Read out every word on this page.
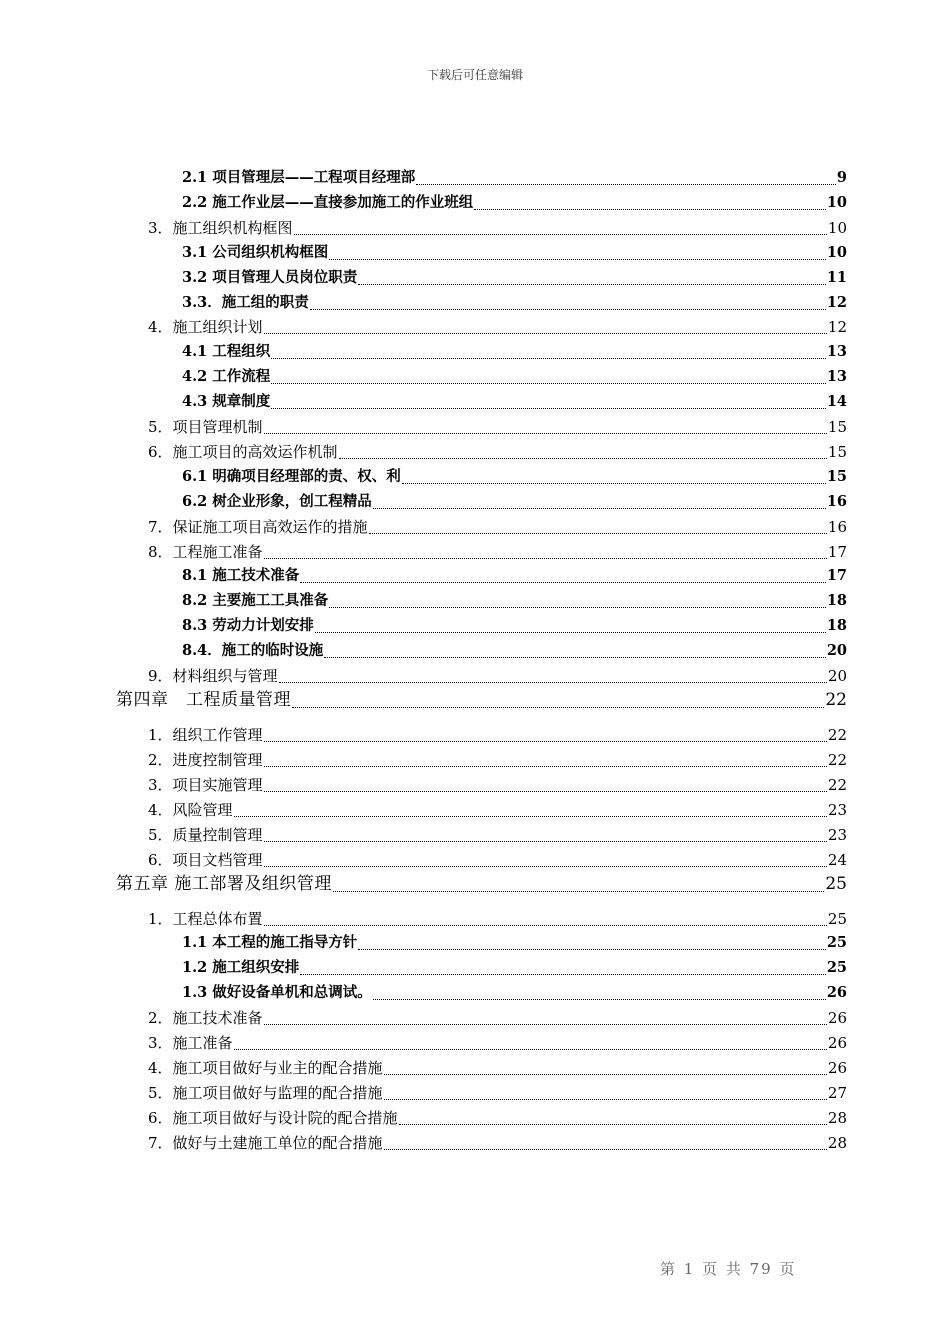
下载后可任意编辑
2.1 项目管理层——工程项目经理部	9
2.2 施工作业层——直接参加施工的作业班组	10
3．施工组织机构框图	10
3.1 公司组织机构框图	10
3.2 项目管理人员岗位职责	11
3.3．施工组的职责	12
4．施工组织计划	12
4.1 工程组织	13
4.2 工作流程	13
4.3 规章制度	14
5．项目管理机制	15
6．施工项目的高效运作机制	15
6.1 明确项目经理部的责、权、利	15
6.2 树企业形象，创工程精品	16
7．保证施工项目高效运作的措施	16
8．工程施工准备	17
8.1 施工技术准备	17
8.2 主要施工工具准备	18
8.3 劳动力计划安排	18
8.4．施工的临时设施	20
9．材料组织与管理	20
第四章　工程质量管理	22
1．组织工作管理	22
2．进度控制管理	22
3．项目实施管理	22
4．风险管理	23
5．质量控制管理	23
6．项目文档管理	24
第五章 施工部署及组织管理	25
1．工程总体布置	25
1.1 本工程的施工指导方针	25
1.2 施工组织安排	25
1.3 做好设备单机和总调试。	26
2．施工技术准备	26
3．施工准备	26
4．施工项目做好与业主的配合措施	26
5．施工项目做好与监理的配合措施	27
6．施工项目做好与设计院的配合措施	28
7．做好与土建施工单位的配合措施	28
第 1 页 共 79 页
